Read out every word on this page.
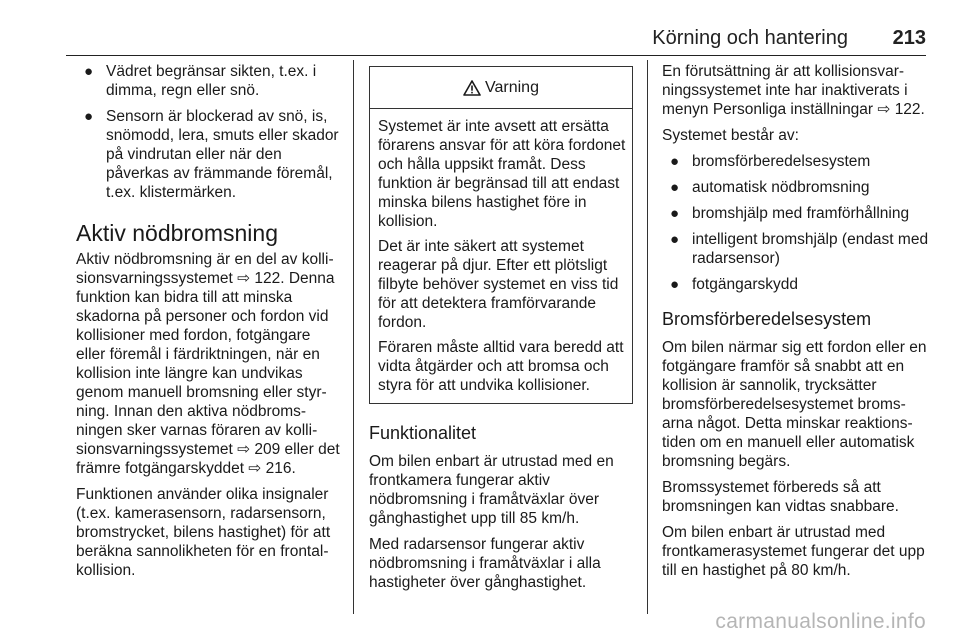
Körning och hantering 213
● Vädret begränsar sikten, t.ex. i dimma, regn eller snö.
● Sensorn är blockerad av snö, is, snömodd, lera, smuts eller skador på vindrutan eller när den påverkas av främmande föremål, t.ex. klistermärken.
Aktiv nödbromsning

Aktiv nödbromsning är en del av kollisionsvarningssystemet ⇨ 122. Denna funktion kan bidra till att minska skadorna på personer och fordon vid kollisioner med fordon, fotgängare eller föremål i färdriktningen, när en kollision inte längre kan undvikas genom manuell bromsning eller styrning. Innan den aktiva nödbromsningen sker varnas föraren av kollisionsvarningssystemet ⇨ 209 eller det främre fotgängarskyddet ⇨ 216.

Funktionen använder olika insignaler (t.ex. kamerasensorn, radarsensorn, bromstrycket, bilens hastighet) för att beräkna sannolikheten för en frontalkollision.

Varning

Systemet är inte avsett att ersätta förarens ansvar för att köra fordonet och hålla uppsikt framåt. Dess funktion är begränsad till att endast minska bilens hastighet före in kollision.

Det är inte säkert att systemet reagerar på djur. Efter ett plötsligt filbyte behöver systemet en viss tid för att detektera framförvarande fordon.

Föraren måste alltid vara beredd att vidta åtgärder och att bromsa och styra för att undvika kollisioner.

Funktionalitet

Om bilen enbart är utrustad med en frontkamera fungerar aktiv nödbromsning i framåtväxlar över gånghastighet upp till 85 km/h.

Med radarsensor fungerar aktiv nödbromsning i framåtväxlar i alla hastigheter över gånghastighet.

En förutsättning är att kollisionsvarningssystemet inte har inaktiverats i menyn Personliga inställningar ⇨ 122.

Systemet består av:

● bromsförberedelsesystem
● automatisk nödbromsning
● bromshjälp med framförhållning
● intelligent bromshjälp (endast med radarsensor)
● fotgängarskydd
Bromsförberedelsesystem

Om bilen närmar sig ett fordon eller en fotgängare framför så snabbt att en kollision är sannolik, trycksätter bromsförberedelsesystemet bromsarna något. Detta minskar reaktionstiden om en manuell eller automatisk bromsning begärs.

Bromssystemet förbereds så att bromsningen kan vidtas snabbare.

Om bilen enbart är utrustad med frontkamerasystemet fungerar det upp till en hastighet på 80 km/h.

carmanualsonline.info
